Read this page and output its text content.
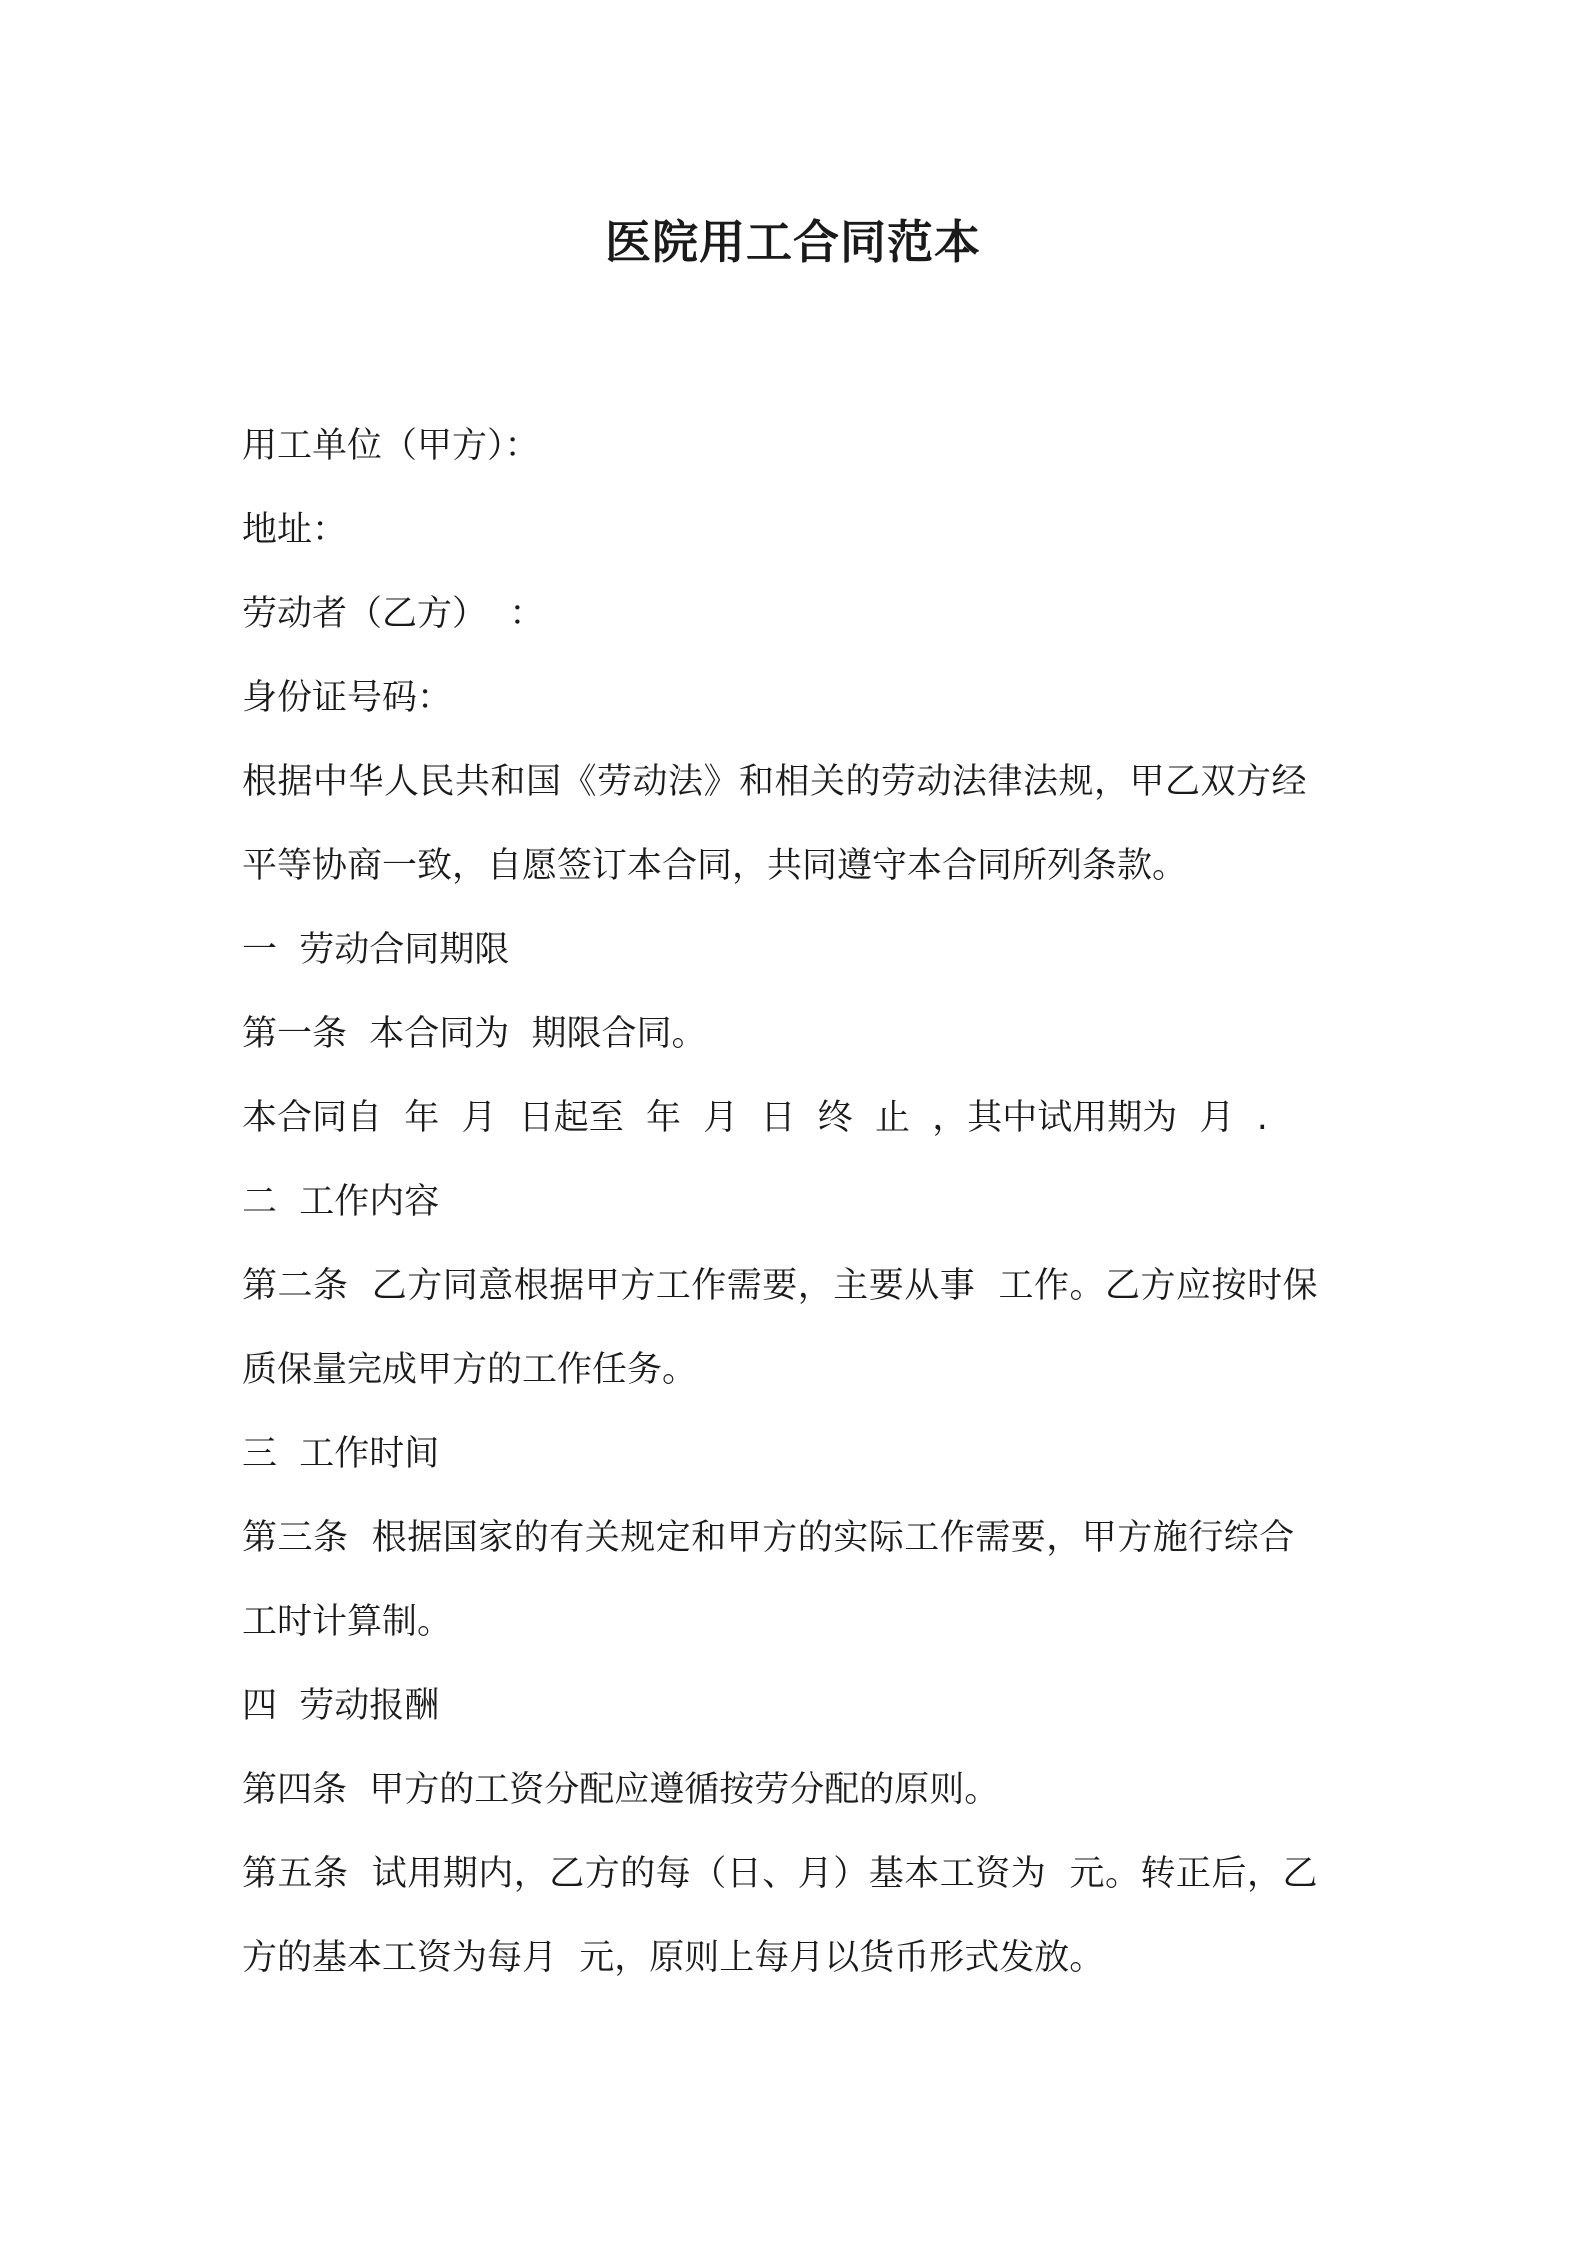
医院用工合同范本

用工单位（甲方）：

地址：

劳动者（乙方）  ：

身份证号码：

根据中华人民共和国《劳动法》和相关的劳动法律法规，甲乙双方经

平等协商一致，自愿签订本合同，共同遵守本合同所列条款。

一  劳动合同期限

第一条  本合同为  期限合同。

本合同自  年  月  日起至  年  月  日  终  止  ，其中试用期为  月  .

二  工作内容

第二条  乙方同意根据甲方工作需要，主要从事  工作。乙方应按时保

质保量完成甲方的工作任务。

三  工作时间

第三条  根据国家的有关规定和甲方的实际工作需要，甲方施行综合

工时计算制。

四  劳动报酬

第四条  甲方的工资分配应遵循按劳分配的原则。

第五条  试用期内，乙方的每（日、月）基本工资为  元。转正后，乙

方的基本工资为每月  元，原则上每月以货币形式发放。
